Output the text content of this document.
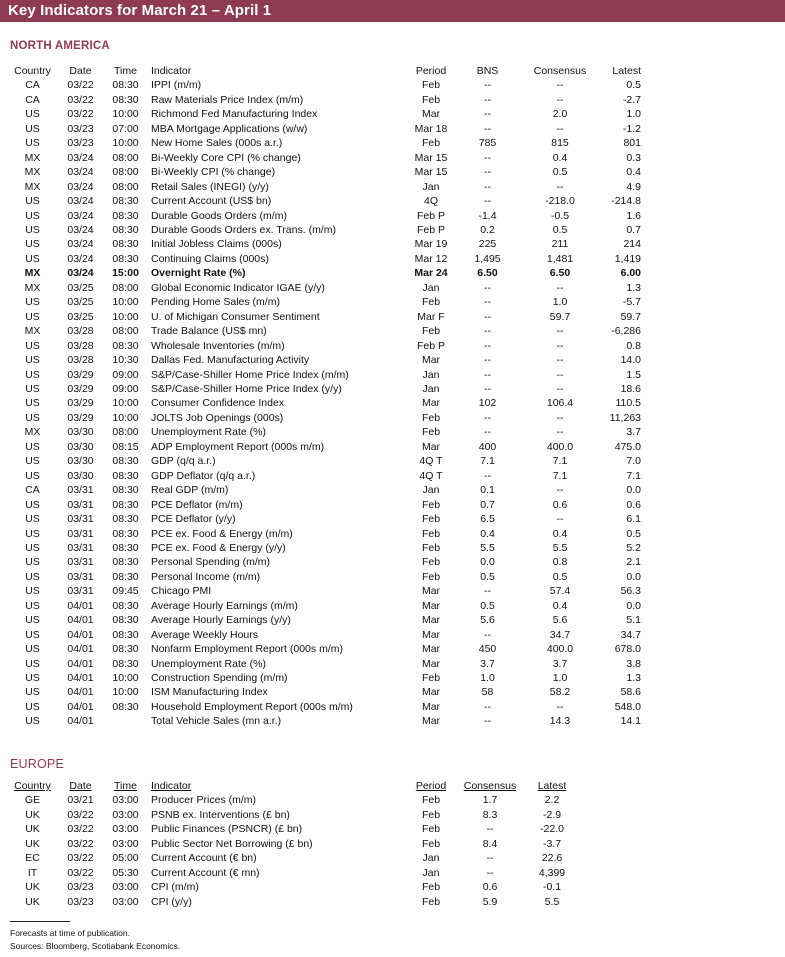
Key Indicators for March 21 – April 1
NORTH AMERICA
Country	Date	Time	Indicator	Period	BNS	Consensus	Latest
CA	03/22	08:30	IPPI (m/m)	Feb	--	--	0.5
CA	03/22	08:30	Raw Materials Price Index (m/m)	Feb	--	--	-2.7
US	03/22	10:00	Richmond Fed Manufacturing Index	Mar	--	2.0	1.0
US	03/23	07:00	MBA Mortgage Applications (w/w)	Mar 18	--	--	-1.2
US	03/23	10:00	New Home Sales (000s a.r.)	Feb	785	815	801
MX	03/24	08:00	Bi-Weekly Core CPI (% change)	Mar 15	--	0.4	0.3
MX	03/24	08:00	Bi-Weekly CPI (% change)	Mar 15	--	0.5	0.4
MX	03/24	08:00	Retail Sales (INEGI) (y/y)	Jan	--	--	4.9
US	03/24	08:30	Current Account (US$ bn)	4Q	--	-218.0	-214.8
US	03/24	08:30	Durable Goods Orders (m/m)	Feb P	-1.4	-0.5	1.6
US	03/24	08:30	Durable Goods Orders ex. Trans. (m/m)	Feb P	0.2	0.5	0.7
US	03/24	08:30	Initial Jobless Claims (000s)	Mar 19	225	211	214
US	03/24	08:30	Continuing Claims (000s)	Mar 12	1,495	1,481	1,419
MX	03/24	15:00	Overnight Rate (%)	Mar 24	6.50	6.50	6.00
MX	03/25	08:00	Global Economic Indicator IGAE (y/y)	Jan	--	--	1.3
US	03/25	10:00	Pending Home Sales (m/m)	Feb	--	1.0	-5.7
US	03/25	10:00	U. of Michigan Consumer Sentiment	Mar F	--	59.7	59.7
MX	03/28	08:00	Trade Balance (US$ mn)	Feb	--	--	-6,286
US	03/28	08:30	Wholesale Inventories (m/m)	Feb P	--	--	0.8
US	03/28	10:30	Dallas Fed. Manufacturing Activity	Mar	--	--	14.0
US	03/29	09:00	S&P/Case-Shiller Home Price Index (m/m)	Jan	--	--	1.5
US	03/29	09:00	S&P/Case-Shiller Home Price Index (y/y)	Jan	--	--	18.6
US	03/29	10:00	Consumer Confidence Index	Mar	102	106.4	110.5
US	03/29	10:00	JOLTS Job Openings (000s)	Feb	--	--	11,263
MX	03/30	08:00	Unemployment Rate (%)	Feb	--	--	3.7
US	03/30	08:15	ADP Employment Report (000s m/m)	Mar	400	400.0	475.0
US	03/30	08:30	GDP (q/q a.r.)	4Q T	7.1	7.1	7.0
US	03/30	08:30	GDP Deflator (q/q a.r.)	4Q T	--	7.1	7.1
CA	03/31	08:30	Real GDP (m/m)	Jan	0.1	--	0.0
US	03/31	08:30	PCE Deflator (m/m)	Feb	0.7	0.6	0.6
US	03/31	08:30	PCE Deflator (y/y)	Feb	6.5	--	6.1
US	03/31	08:30	PCE ex. Food & Energy (m/m)	Feb	0.4	0.4	0.5
US	03/31	08:30	PCE ex. Food & Energy (y/y)	Feb	5.5	5.5	5.2
US	03/31	08:30	Personal Spending (m/m)	Feb	0.0	0.8	2.1
US	03/31	08:30	Personal Income (m/m)	Feb	0.5	0.5	0.0
US	03/31	09:45	Chicago PMI	Mar	--	57.4	56.3
US	04/01	08:30	Average Hourly Earnings (m/m)	Mar	0.5	0.4	0.0
US	04/01	08:30	Average Hourly Earnings (y/y)	Mar	5.6	5.6	5.1
US	04/01	08:30	Average Weekly Hours	Mar	--	34.7	34.7
US	04/01	08:30	Nonfarm Employment Report (000s m/m)	Mar	450	400.0	678.0
US	04/01	08:30	Unemployment Rate (%)	Mar	3.7	3.7	3.8
US	04/01	10:00	Construction Spending (m/m)	Feb	1.0	1.0	1.3
US	04/01	10:00	ISM Manufacturing Index	Mar	58	58.2	58.6
US	04/01	08:30	Household Employment Report (000s m/m)	Mar	--	--	548.0
US	04/01		Total Vehicle Sales (mn a.r.)	Mar	--	14.3	14.1
EUROPE
Country	Date	Time	Indicator	Period	Consensus	Latest
GE	03/21	03:00	Producer Prices (m/m)	Feb	1.7	2.2
UK	03/22	03:00	PSNB ex. Interventions (£ bn)	Feb	8.3	-2.9
UK	03/22	03:00	Public Finances (PSNCR) (£ bn)	Feb	--	-22.0
UK	03/22	03:00	Public Sector Net Borrowing (£ bn)	Feb	8.4	-3.7
EC	03/22	05:00	Current Account (€ bn)	Jan	--	22.6
IT	03/22	05:30	Current Account (€ mn)	Jan	--	4,399
UK	03/23	03:00	CPI (m/m)	Feb	0.6	-0.1
UK	03/23	03:00	CPI (y/y)	Feb	5.9	5.5
Forecasts at time of publication.
Sources: Bloomberg, Scotiabank Economics.
